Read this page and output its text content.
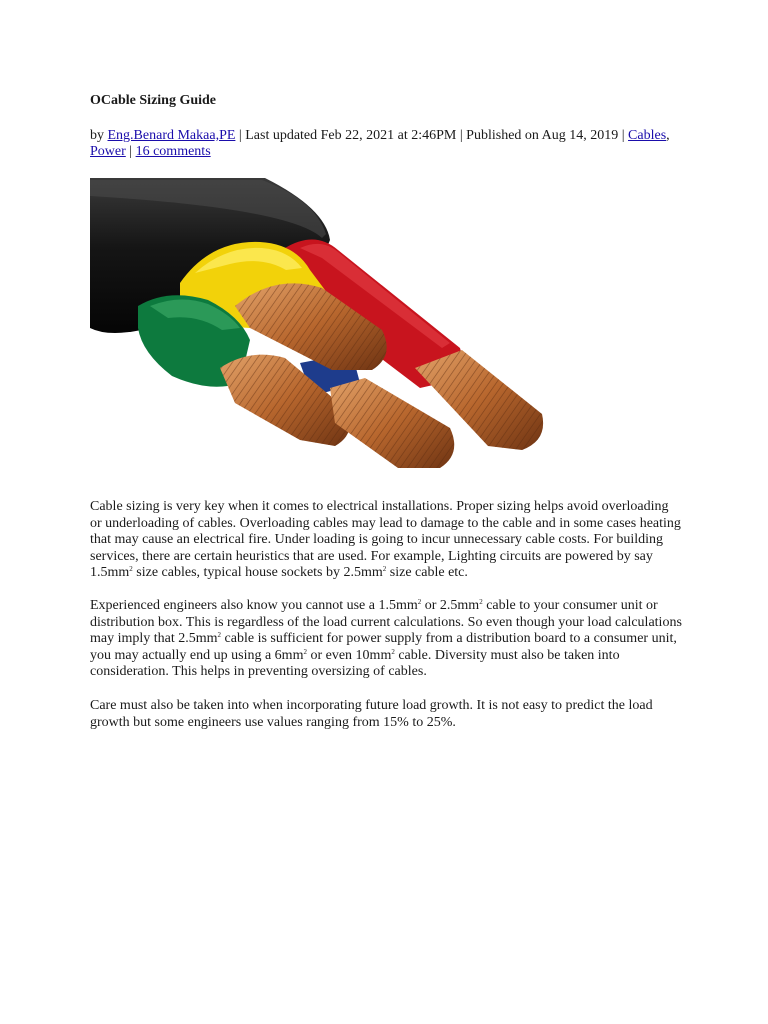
OCable Sizing Guide

by Eng.Benard Makaa,PE | Last updated Feb 22, 2021 at 2:46PM | Published on Aug 14, 2019 | Cables, Power | 16 comments

Cable sizing is very key when it comes to electrical installations. Proper sizing helps avoid overloading or underloading of cables. Overloading cables may lead to damage to the cable and in some cases heating that may cause an electrical fire. Under loading is going to incur unnecessary cable costs. For building services, there are certain heuristics that are used. For example, Lighting circuits are powered by say $1.5mm^2$ size cables, typical house sockets by $2.5mm^2$ size cable etc.

Experienced engineers also know you cannot use a $1.5mm^2$ or $2.5mm^2$ cable to your consumer unit or distribution box. This is regardless of the load current calculations. So even though your load calculations may imply that $2.5mm^2$ cable is sufficient for power supply from a distribution board to a consumer unit, you may actually end up using a $6mm^2$ or even $10mm^2$ cable. Diversity must also be taken into consideration. This helps in preventing oversizing of cables.

Care must also be taken into when incorporating future load growth. It is not easy to predict the load growth but some engineers use values ranging from 15% to 25%.
